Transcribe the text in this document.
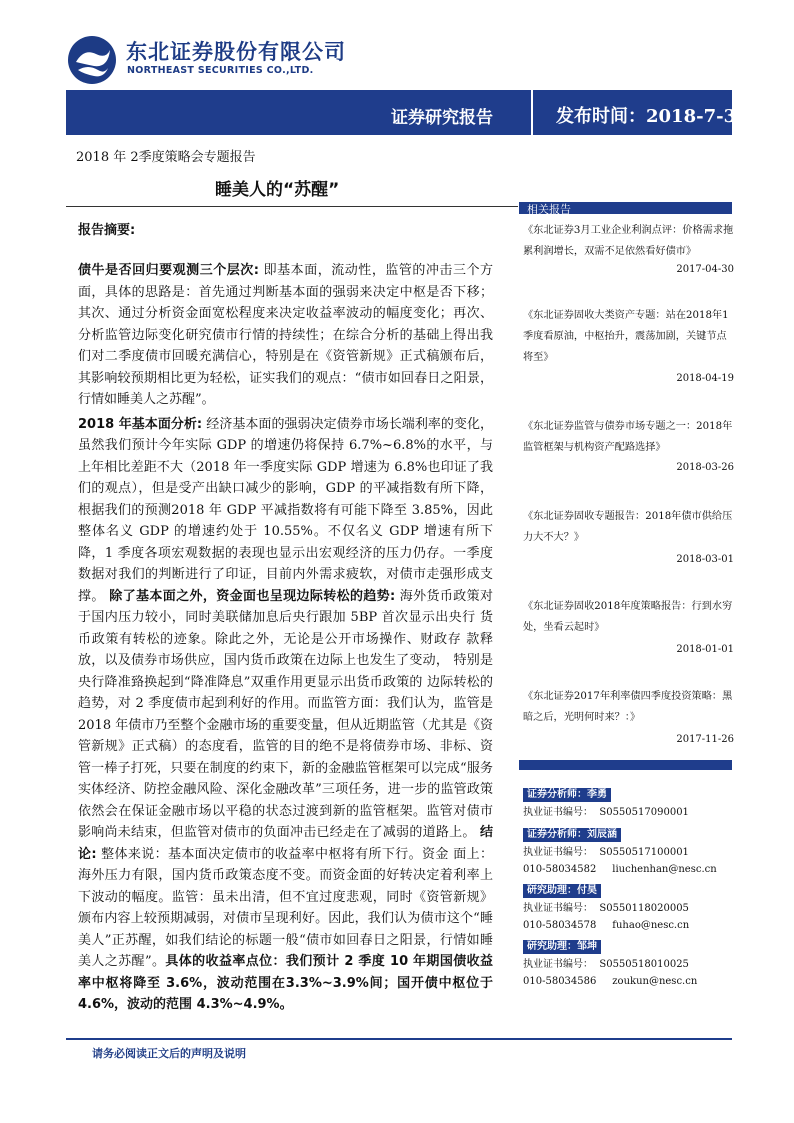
东北证券股份有限公司
NORTHEAST SECURITIES CO.,LTD.
证券研究报告	发布时间：2018-7-30
2018 年 2季度策略会专题报告
睡美人的“苏醒”
报告摘要:

债牛是否回归要观测三个层次: 即基本面，流动性，监管的冲击三个方面，具体的思路是：首先通过判断基本面的强弱来决定中枢是否下移；其次、通过分析资金面宽松程度来决定收益率波动的幅度变化；再次、分析监管边际变化研究债市行情的持续性；在综合分析的基础上得出我们对二季度债市回暖充满信心，特别是在《资管新规》正式稿颁布后，其影响较预期相比更为轻松，证实我们的观点：“债市如回春日之阳景，行情如睡美人之苏醒”。

2018 年基本面分析: 经济基本面的强弱决定债券市场长端利率的变化，虽然我们预计今年实际 GDP 的增速仍将保持 6.7%~6.8%的水平，与上年相比差距不大（2018 年一季度实际 GDP 增速为 6.8%也印证了我们的观点），但是受产出缺口减少的影响，GDP 的平减指数有所下降，根据我们的预测2018 年 GDP 平减指数将有可能下降至 3.85%，因此整体名义 GDP 的增速约处于 10.55%。不仅名义 GDP 增速有所下降，1 季度各项宏观数据的表现也显示出宏观经济的压力仍存。一季度数据对我们的判断进行了印证，目前内外需求疲软，对债市走强形成支撑。 除了基本面之外，资金面也呈现边际转松的趋势: 海外货币政策对 于国内压力较小，同时美联储加息后央行跟加 5BP 首次显示出央行 货币政策有转松的迹象。除此之外，无论是公开市场操作、财政存 款释放，以及债券市场供应，国内货币政策在边际上也发生了变动， 特别是央行降准臵换起到“降准降息”双重作用更显示出货币政策的 边际转松的趋势，对 2 季度债市起到利好的作用。而监管方面：我们认为，监管是 2018 年债市乃至整个金融市场的重要变量，但从近期监管（尤其是《资管新规》正式稿）的态度看，监管的目的绝不是将债券市场、非标、资管一棒子打死，只要在制度的约束下，新的金融监管框架可以完成“服务实体经济、防控金融风险、深化金融改革”三项任务，进一步的监管政策依然会在保证金融市场以平稳的状态过渡到新的监管框架。监管对债市影响尚未结束，但监管对债市的负面冲击已经走在了减弱的道路上。 结论: 整体来说：基本面决定债市的收益率中枢将有所下行。资金 面上：海外压力有限，国内货币政策态度不变。而资金面的好转决定着利率上下波动的幅度。监管：虽未出清，但不宜过度悲观，同时《资管新规》颁布内容上较预期减弱，对债市呈现利好。因此，我们认为债市这个“睡美人”正苏醒，如我们结论的标题一般“债市如回春日之阳景，行情如睡美人之苏醒”。具体的收益率点位：我们预计 2 季度 10 年期国债收益率中枢将降至 3.6%，波动范围在3.3%~3.9%间；国开债中枢位于 4.6%，波动的范围 4.3%~4.9%。

相关报告
《东北证券3月工业企业利润点评：价格需求拖累利润增长，双需不足依然看好债市》
2017-04-30
《东北证券固收大类资产专题：站在2018年1季度看原油，中枢抬升，震荡加剧，关键节点将至》
2018-04-19
《东北证券监管与债券市场专题之一：2018年监管框架与机构资产配路选择》
2018-03-26
《东北证券固收专题报告：2018年债市供给压力大不大？》
2018-03-01
《东北证券固收2018年度策略报告：行到水穷处，坐看云起时》
2018-01-01
《东北证券2017年利率债四季度投资策略：黑暗之后，光明何时来？：》
2017-11-26
证券分析师：李勇
执业证书编号： S0550517090001
证券分析师：刘辰涵
执业证书编号： S0550517100001
010-58034582 liuchenhan@nesc.cn
研究助理：付昊
执业证书编号： S0550118020005
010-58034578 fuhao@nesc.cn
研究助理：邹坤
执业证书编号： S0550518010025
010-58034586 zoukun@nesc.cn
请务必阅读正文后的声明及说明
